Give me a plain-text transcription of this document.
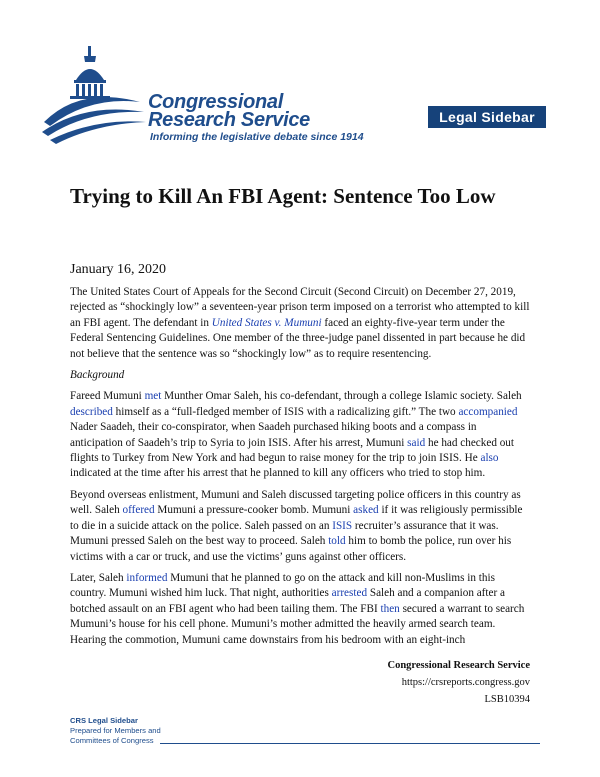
Congressional
Research Service
Informing the legislative debate since 1914
Legal Sidebar
Trying to Kill An FBI Agent: Sentence Too Low
January 16, 2020

The United States Court of Appeals for the Second Circuit (Second Circuit) on December 27, 2019, rejected as “shockingly low” a seventeen-year prison term imposed on a terrorist who attempted to kill an FBI agent. The defendant in United States v. Mumuni faced an eighty-five-year term under the Federal Sentencing Guidelines. One member of the three-judge panel dissented in part because he did not believe that the sentence was so “shockingly low” as to require resentencing.

Background

Fareed Mumuni met Munther Omar Saleh, his co-defendant, through a college Islamic society. Saleh described himself as a “full-fledged member of ISIS with a radicalizing gift.” The two accompanied Nader Saadeh, their co-conspirator, when Saadeh purchased hiking boots and a compass in anticipation of Saadeh’s trip to Syria to join ISIS. After his arrest, Mumuni said he had checked out flights to Turkey from New York and had begun to raise money for the trip to join ISIS. He also indicated at the time after his arrest that he planned to kill any officers who tried to stop him.

Beyond overseas enlistment, Mumuni and Saleh discussed targeting police officers in this country as well. Saleh offered Mumuni a pressure-cooker bomb. Mumuni asked if it was religiously permissible to die in a suicide attack on the police. Saleh passed on an ISIS recruiter’s assurance that it was. Mumuni pressed Saleh on the best way to proceed. Saleh told him to bomb the police, run over his victims with a car or truck, and use the victims’ guns against other officers.

Later, Saleh informed Mumuni that he planned to go on the attack and kill non-Muslims in this country. Mumuni wished him luck. That night, authorities arrested Saleh and a companion after a botched assault on an FBI agent who had been tailing them. The FBI then secured a warrant to search Mumuni’s house for his cell phone. Mumuni’s mother admitted the heavily armed search team. Hearing the commotion, Mumuni came downstairs from his bedroom with an eight-inch

Congressional Research Service
https://crsreports.congress.gov
LSB10394
CRS Legal Sidebar
Prepared for Members and
Committees of Congress
